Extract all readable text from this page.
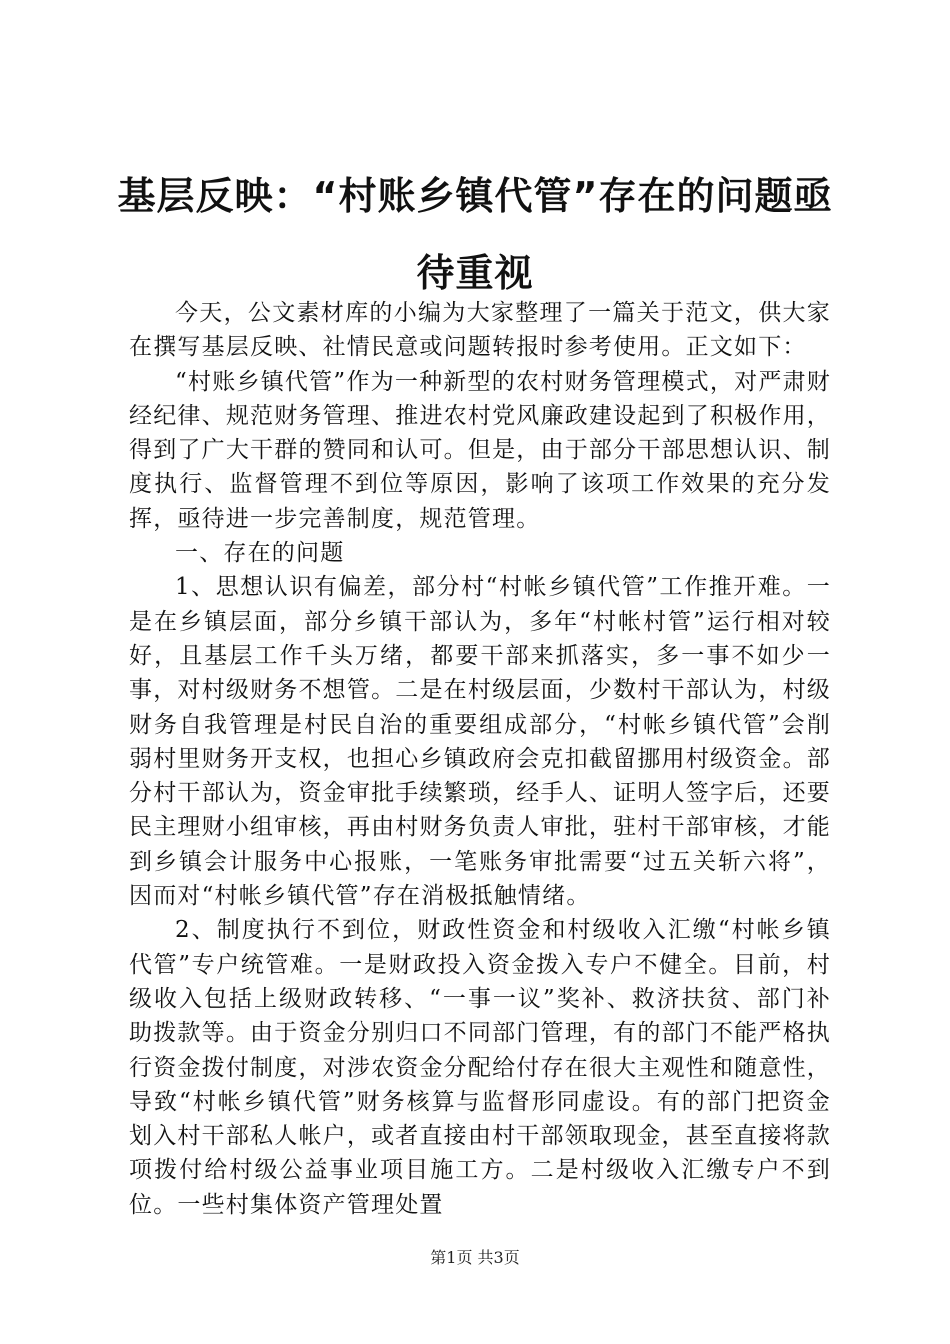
基层反映：“村账乡镇代管”存在的问题亟待重视

今天，公文素材库的小编为大家整理了一篇关于范文，供大家在撰写基层反映、社情民意或问题转报时参考使用。正文如下：

“村账乡镇代管”作为一种新型的农村财务管理模式，对严肃财经纪律、规范财务管理、推进农村党风廉政建设起到了积极作用，得到了广大干群的赞同和认可。但是，由于部分干部思想认识、制度执行、监督管理不到位等原因，影响了该项工作效果的充分发挥，亟待进一步完善制度，规范管理。

一、存在的问题

1、思想认识有偏差，部分村“村帐乡镇代管”工作推开难。一是在乡镇层面，部分乡镇干部认为，多年“村帐村管”运行相对较好，且基层工作千头万绪，都要干部来抓落实，多一事不如少一事，对村级财务不想管。二是在村级层面，少数村干部认为，村级财务自我管理是村民自治的重要组成部分，“村帐乡镇代管”会削弱村里财务开支权，也担心乡镇政府会克扣截留挪用村级资金。部分村干部认为，资金审批手续繁琐，经手人、证明人签字后，还要民主理财小组审核，再由村财务负责人审批，驻村干部审核，才能到乡镇会计服务中心报账，一笔账务审批需要“过五关斩六将”，因而对“村帐乡镇代管”存在消极抵触情绪。

2、制度执行不到位，财政性资金和村级收入汇缴“村帐乡镇代管”专户统管难。一是财政投入资金拨入专户不健全。目前，村级收入包括上级财政转移、“一事一议”奖补、救济扶贫、部门补助拨款等。由于资金分别归口不同部门管理，有的部门不能严格执行资金拨付制度，对涉农资金分配给付存在很大主观性和随意性，导致“村帐乡镇代管”财务核算与监督形同虚设。有的部门把资金划入村干部私人帐户，或者直接由村干部领取现金，甚至直接将款项拨付给村级公益事业项目施工方。二是村级收入汇缴专户不到位。一些村集体资产管理处置

第1页 共3页
